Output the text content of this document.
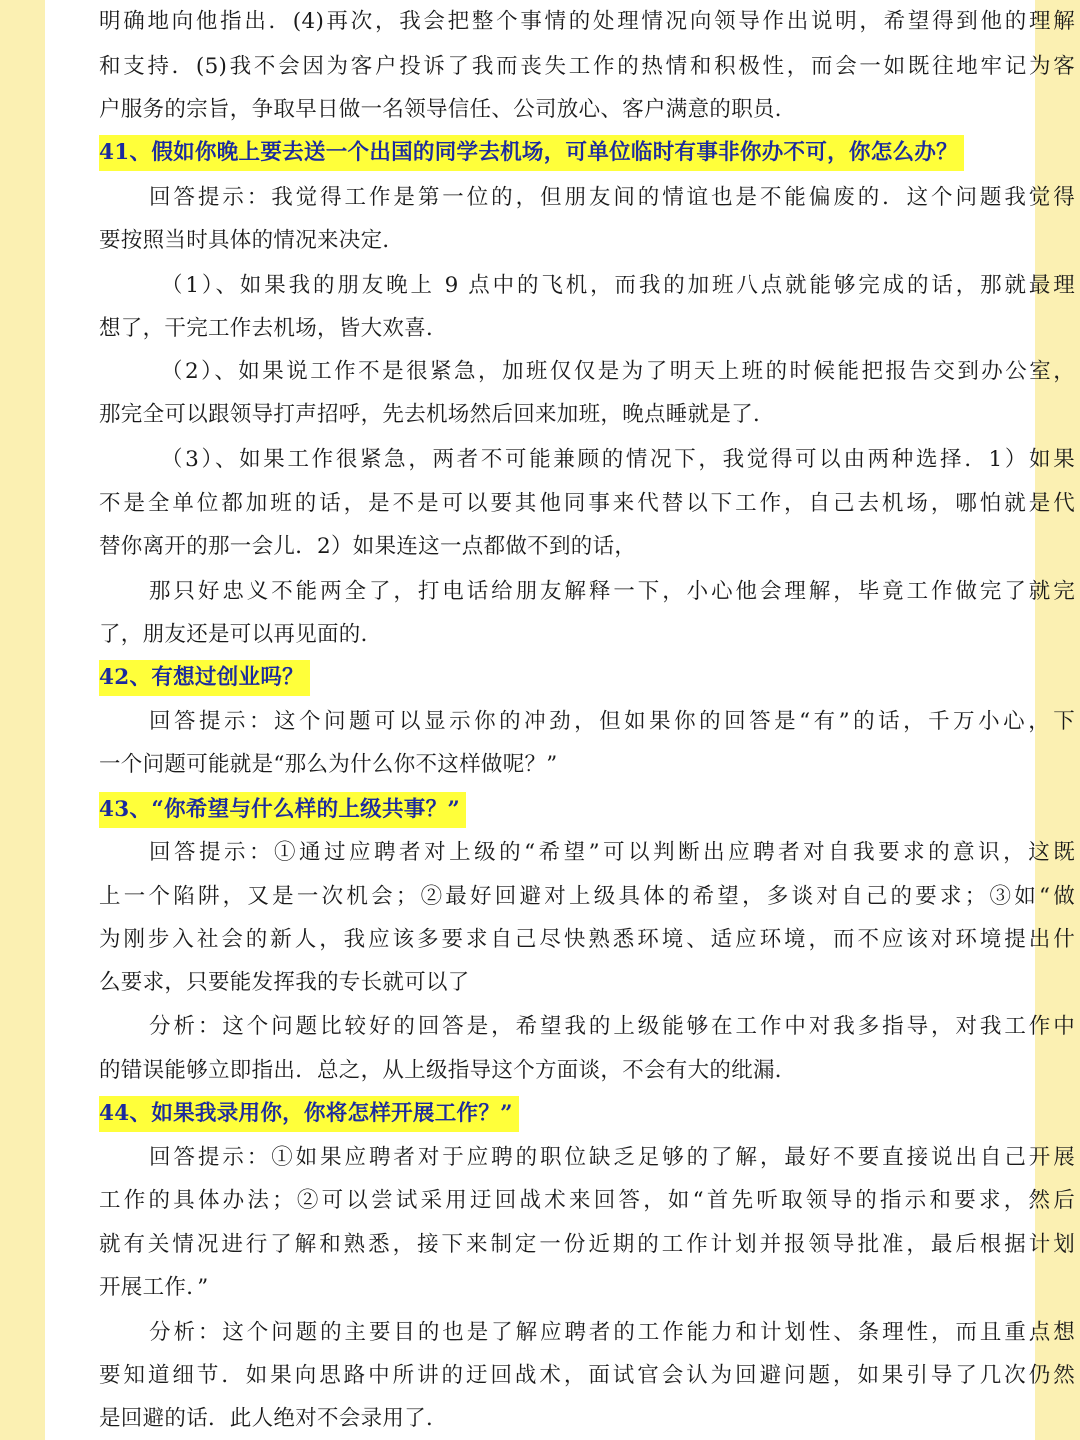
明确地向他指出．(4)再次，我会把整个事情的处理情况向领导作出说明，希望得到他的理解
和支持．(5)我不会因为客户投诉了我而丧失工作的热情和积极性，而会一如既往地牢记为客
户服务的宗旨，争取早日做一名领导信任、公司放心、客户满意的职员．
41、假如你晚上要去送一个出国的同学去机场，可单位临时有事非你办不可，你怎么办？
回答提示：我觉得工作是第一位的，但朋友间的情谊也是不能偏废的．这个问题我觉得
要按照当时具体的情况来决定．
（1）、如果我的朋友晚上 9 点中的飞机，而我的加班八点就能够完成的话，那就最理
想了，干完工作去机场，皆大欢喜．
（2）、如果说工作不是很紧急，加班仅仅是为了明天上班的时候能把报告交到办公室，
那完全可以跟领导打声招呼，先去机场然后回来加班，晚点睡就是了．
（3）、如果工作很紧急，两者不可能兼顾的情况下，我觉得可以由两种选择．1）如果
不是全单位都加班的话，是不是可以要其他同事来代替以下工作，自己去机场，哪怕就是代
替你离开的那一会儿．2）如果连这一点都做不到的话，
那只好忠义不能两全了，打电话给朋友解释一下，小心他会理解，毕竟工作做完了就完
了，朋友还是可以再见面的．
42、有想过创业吗？
回答提示：这个问题可以显示你的冲劲，但如果你的回答是“有”的话，千万小心，下
一个问题可能就是“那么为什么你不这样做呢？”
43、“你希望与什么样的上级共事？”
回答提示：①通过应聘者对上级的“希望”可以判断出应聘者对自我要求的意识，这既
上一个陷阱，又是一次机会；②最好回避对上级具体的希望，多谈对自己的要求；③如“做
为刚步入社会的新人，我应该多要求自己尽快熟悉环境、适应环境，而不应该对环境提出什
么要求，只要能发挥我的专长就可以了
分析：这个问题比较好的回答是，希望我的上级能够在工作中对我多指导，对我工作中
的错误能够立即指出．总之，从上级指导这个方面谈，不会有大的纰漏．
44、如果我录用你，你将怎样开展工作？”
回答提示：①如果应聘者对于应聘的职位缺乏足够的了解，最好不要直接说出自己开展
工作的具体办法；②可以尝试采用迂回战术来回答，如“首先听取领导的指示和要求，然后
就有关情况进行了解和熟悉，接下来制定一份近期的工作计划并报领导批准，最后根据计划
开展工作．”
分析：这个问题的主要目的也是了解应聘者的工作能力和计划性、条理性，而且重点想
要知道细节．如果向思路中所讲的迂回战术，面试官会认为回避问题，如果引导了几次仍然
是回避的话．此人绝对不会录用了．
